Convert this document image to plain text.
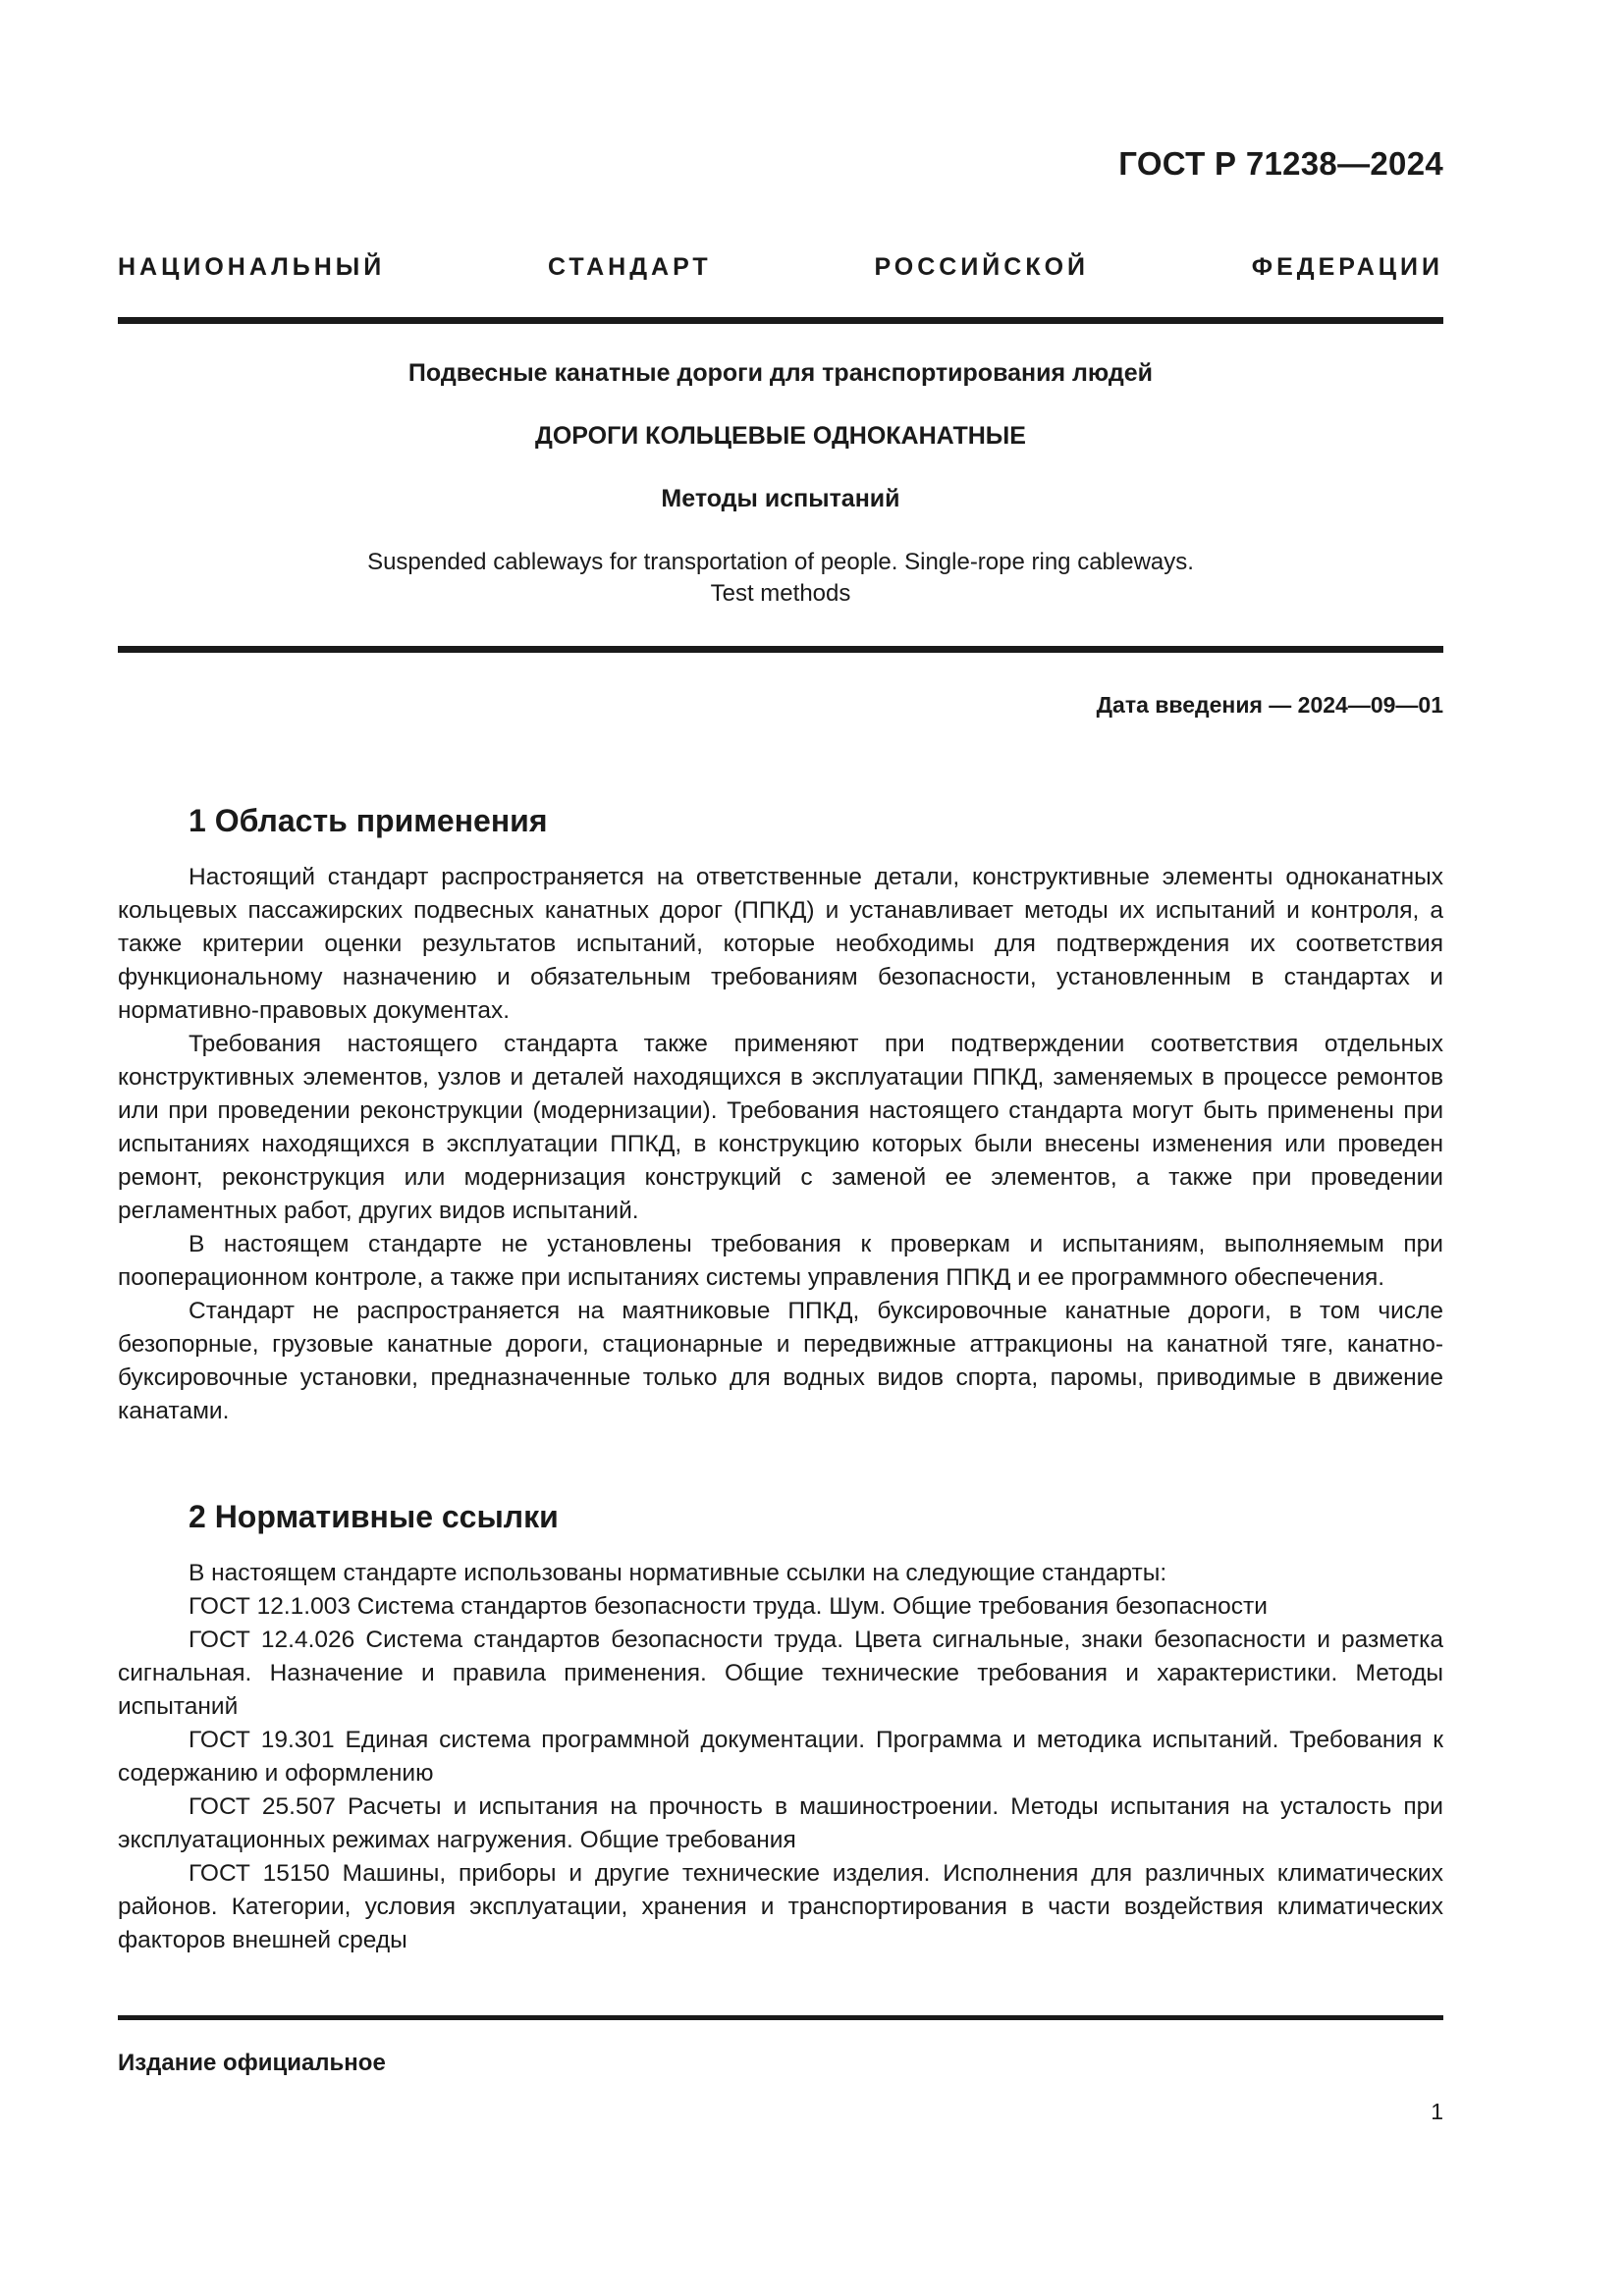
ГОСТ Р 71238—2024
НАЦИОНАЛЬНЫЙ СТАНДАРТ РОССИЙСКОЙ ФЕДЕРАЦИИ
Подвесные канатные дороги для транспортирования людей
ДОРОГИ КОЛЬЦЕВЫЕ ОДНОКАНАТНЫЕ
Методы испытаний
Suspended cableways for transportation of people. Single-rope ring cableways.
Test methods
Дата введения — 2024—09—01
1 Область применения

Настоящий стандарт распространяется на ответственные детали, конструктивные элементы одноканатных кольцевых пассажирских подвесных канатных дорог (ППКД) и устанавливает методы их испытаний и контроля, а также критерии оценки результатов испытаний, которые необходимы для подтверждения их соответствия функциональному назначению и обязательным требованиям безопасности, установленным в стандартах и нормативно-правовых документах.

Требования настоящего стандарта также применяют при подтверждении соответствия отдельных конструктивных элементов, узлов и деталей находящихся в эксплуатации ППКД, заменяемых в процессе ремонтов или при проведении реконструкции (модернизации). Требования настоящего стандарта могут быть применены при испытаниях находящихся в эксплуатации ППКД, в конструкцию которых были внесены изменения или проведен ремонт, реконструкция или модернизация конструкций с заменой ее элементов, а также при проведении регламентных работ, других видов испытаний.

В настоящем стандарте не установлены требования к проверкам и испытаниям, выполняемым при пооперационном контроле, а также при испытаниях системы управления ППКД и ее программного обеспечения.

Стандарт не распространяется на маятниковые ППКД, буксировочные канатные дороги, в том числе безопорные, грузовые канатные дороги, стационарные и передвижные аттракционы на канатной тяге, канатно-буксировочные установки, предназначенные только для водных видов спорта, паромы, приводимые в движение канатами.

2 Нормативные ссылки

В настоящем стандарте использованы нормативные ссылки на следующие стандарты:

ГОСТ 12.1.003 Система стандартов безопасности труда. Шум. Общие требования безопасности

ГОСТ 12.4.026 Система стандартов безопасности труда. Цвета сигнальные, знаки безопасности и разметка сигнальная. Назначение и правила применения. Общие технические требования и характеристики. Методы испытаний

ГОСТ 19.301 Единая система программной документации. Программа и методика испытаний. Требования к содержанию и оформлению

ГОСТ 25.507 Расчеты и испытания на прочность в машиностроении. Методы испытания на усталость при эксплуатационных режимах нагружения. Общие требования

ГОСТ 15150 Машины, приборы и другие технические изделия. Исполнения для различных климатических районов. Категории, условия эксплуатации, хранения и транспортирования в части воздействия климатических факторов внешней среды

Издание официальное
1
